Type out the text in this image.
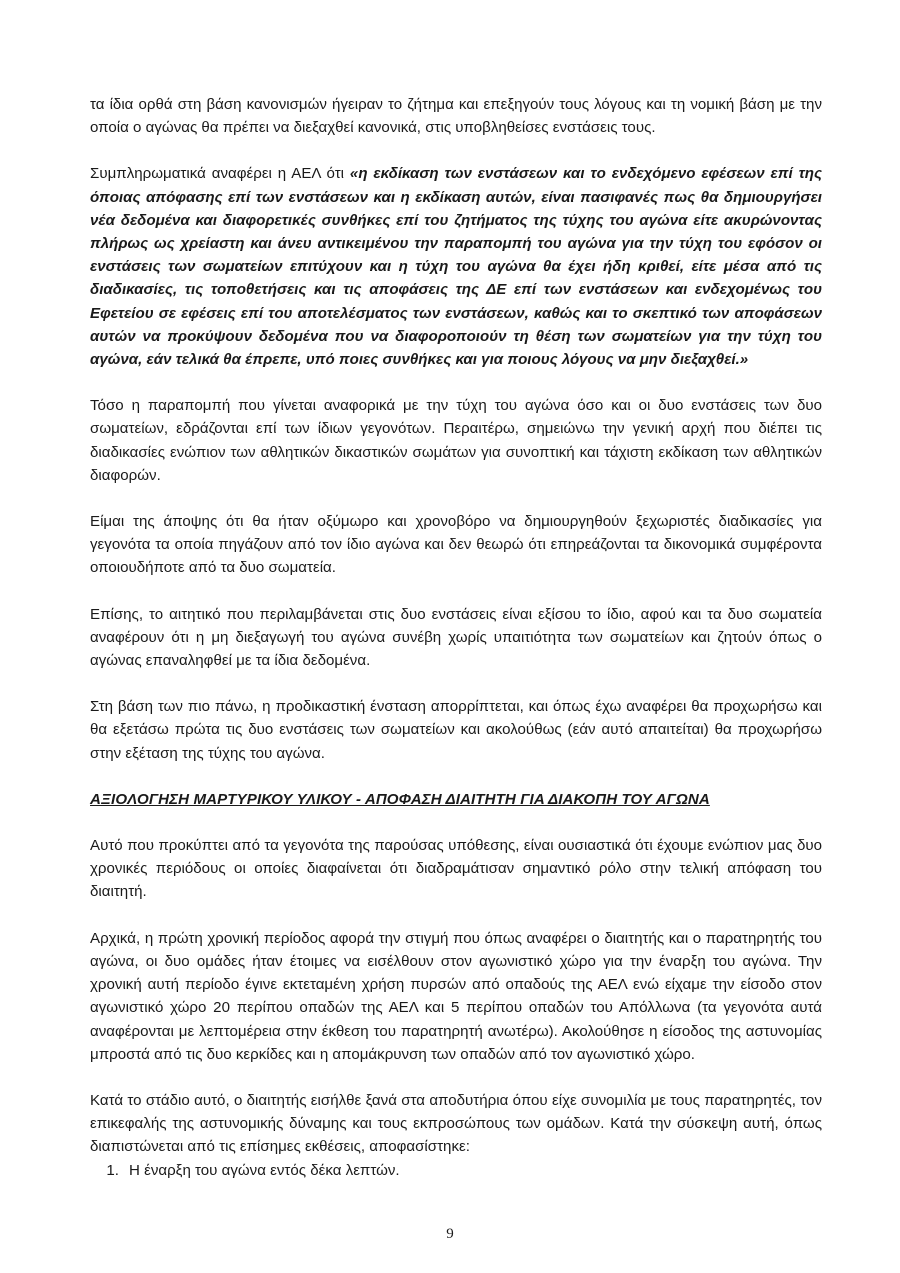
τα ίδια ορθά στη βάση κανονισμών ήγειραν το ζήτημα και επεξηγούν τους λόγους και τη νομική βάση με την οποία ο αγώνας θα πρέπει να διεξαχθεί κανονικά, στις υποβληθείσες ενστάσεις τους.

Συμπληρωματικά αναφέρει η ΑΕΛ ότι «η εκδίκαση των ενστάσεων και το ενδεχόμενο εφέσεων επί της όποιας απόφασης επί των ενστάσεων και η εκδίκαση αυτών, είναι πασιφανές πως θα δημιουργήσει νέα δεδομένα και διαφορετικές συνθήκες επί του ζητήματος της τύχης του αγώνα είτε ακυρώνοντας πλήρως ως χρείαστη και άνευ αντικειμένου την παραπομπή του αγώνα για την τύχη του εφόσον οι ενστάσεις των σωματείων επιτύχουν και η τύχη του αγώνα θα έχει ήδη κριθεί, είτε μέσα από τις διαδικασίες, τις τοποθετήσεις και τις αποφάσεις της ΔΕ επί των ενστάσεων και ενδεχομένως του Εφετείου σε εφέσεις επί του αποτελέσματος των ενστάσεων, καθώς και το σκεπτικό των αποφάσεων αυτών να προκύψουν δεδομένα που να διαφοροποιούν τη θέση των σωματείων για την τύχη του αγώνα, εάν τελικά θα έπρεπε, υπό ποιες συνθήκες και για ποιους λόγους να μην διεξαχθεί.»

Τόσο η παραπομπή που γίνεται αναφορικά με την τύχη του αγώνα όσο και οι δυο ενστάσεις των δυο σωματείων, εδράζονται επί των ίδιων γεγονότων. Περαιτέρω, σημειώνω την γενική αρχή που διέπει τις διαδικασίες ενώπιον των αθλητικών δικαστικών σωμάτων για συνοπτική και τάχιστη εκδίκαση των αθλητικών διαφορών.

Είμαι της άποψης ότι θα ήταν οξύμωρο και χρονοβόρο να δημιουργηθούν ξεχωριστές διαδικασίες για γεγονότα τα οποία πηγάζουν από τον ίδιο αγώνα και δεν θεωρώ ότι επηρεάζονται τα δικονομικά συμφέροντα οποιουδήποτε από τα δυο σωματεία.

Επίσης, το αιτητικό που περιλαμβάνεται στις δυο ενστάσεις είναι εξίσου το ίδιο, αφού και τα δυο σωματεία αναφέρουν ότι η μη διεξαγωγή του αγώνα συνέβη χωρίς υπαιτιότητα των σωματείων και ζητούν όπως ο αγώνας επαναληφθεί με τα ίδια δεδομένα.

Στη βάση των πιο πάνω, η προδικαστική ένσταση απορρίπτεται, και όπως έχω αναφέρει θα προχωρήσω και θα εξετάσω πρώτα τις δυο ενστάσεις των σωματείων και ακολούθως (εάν αυτό απαιτείται) θα προχωρήσω στην εξέταση της τύχης του αγώνα.

ΑΞΙΟΛΟΓΗΣΗ ΜΑΡΤΥΡΙΚΟΥ ΥΛΙΚΟΥ - ΑΠΟΦΑΣΗ ΔΙΑΙΤΗΤΗ ΓΙΑ ΔΙΑΚΟΠΗ ΤΟΥ ΑΓΩΝΑ

Αυτό που προκύπτει από τα γεγονότα της παρούσας υπόθεσης, είναι ουσιαστικά ότι έχουμε ενώπιον μας δυο χρονικές περιόδους οι οποίες διαφαίνεται ότι διαδραμάτισαν σημαντικό ρόλο στην τελική απόφαση του διαιτητή.

Αρχικά, η πρώτη χρονική περίοδος αφορά την στιγμή που όπως αναφέρει ο διαιτητής και ο παρατηρητής του αγώνα, οι δυο ομάδες ήταν έτοιμες να εισέλθουν στον αγωνιστικό χώρο για την έναρξη του αγώνα. Την χρονική αυτή περίοδο έγινε εκτεταμένη χρήση πυρσών από οπαδούς της ΑΕΛ ενώ είχαμε την είσοδο στον αγωνιστικό χώρο 20 περίπου οπαδών της ΑΕΛ και 5 περίπου οπαδών του Απόλλωνα (τα γεγονότα αυτά αναφέρονται με λεπτομέρεια στην έκθεση του παρατηρητή ανωτέρω). Ακολούθησε η είσοδος της αστυνομίας μπροστά από τις δυο κερκίδες και η απομάκρυνση των οπαδών από τον αγωνιστικό χώρο.

Κατά το στάδιο αυτό, ο διαιτητής εισήλθε ξανά στα αποδυτήρια όπου είχε συνομιλία με τους παρατηρητές, τον επικεφαλής της αστυνομικής δύναμης και τους εκπροσώπους των ομάδων. Κατά την σύσκεψη αυτή, όπως διαπιστώνεται από τις επίσημες εκθέσεις, αποφασίστηκε:

1. Η έναρξη του αγώνα εντός δέκα λεπτών.
9
